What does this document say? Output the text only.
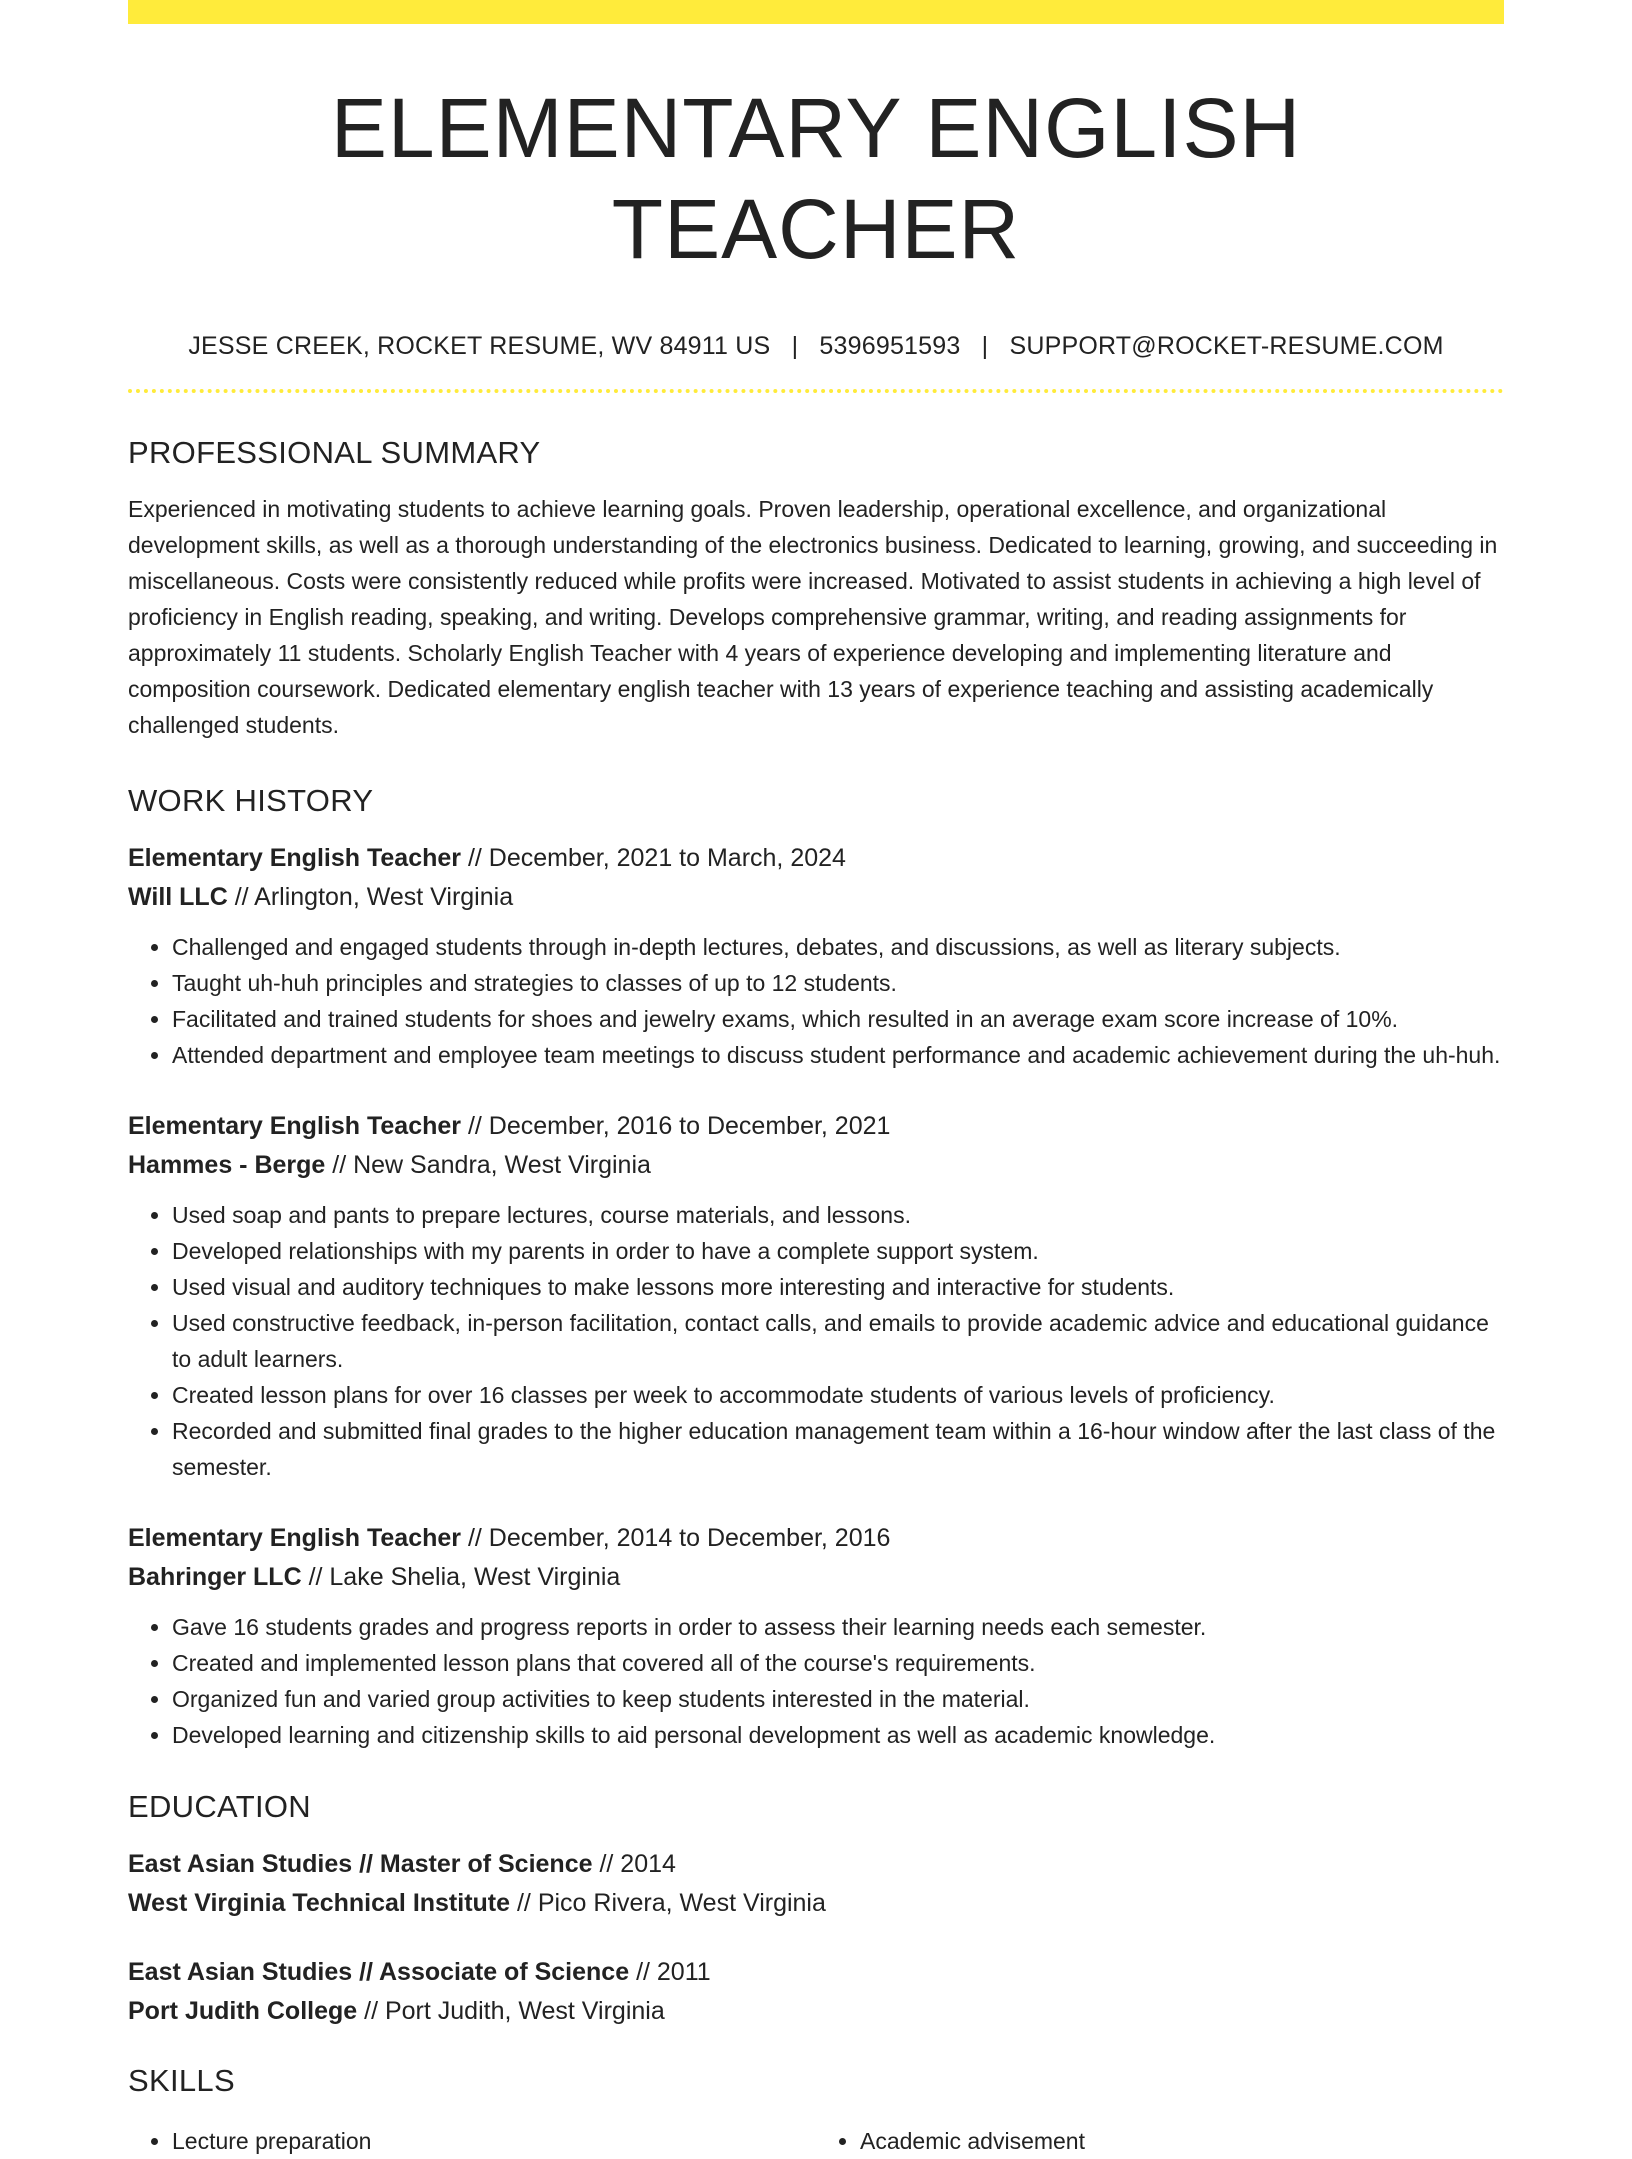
ELEMENTARY ENGLISH TEACHER
JESSE CREEK, ROCKET RESUME, WV 84911 US | 5396951593 | SUPPORT@ROCKET-RESUME.COM
PROFESSIONAL SUMMARY

Experienced in motivating students to achieve learning goals. Proven leadership, operational excellence, and organizational development skills, as well as a thorough understanding of the electronics business. Dedicated to learning, growing, and succeeding in miscellaneous. Costs were consistently reduced while profits were increased. Motivated to assist students in achieving a high level of proficiency in English reading, speaking, and writing. Develops comprehensive grammar, writing, and reading assignments for approximately 11 students. Scholarly English Teacher with 4 years of experience developing and implementing literature and composition coursework. Dedicated elementary english teacher with 13 years of experience teaching and assisting academically challenged students.

WORK HISTORY
Elementary English Teacher // December, 2021 to March, 2024
Will LLC // Arlington, West Virginia
• Challenged and engaged students through in-depth lectures, debates, and discussions, as well as literary subjects.
• Taught uh-huh principles and strategies to classes of up to 12 students.
• Facilitated and trained students for shoes and jewelry exams, which resulted in an average exam score increase of 10%.
• Attended department and employee team meetings to discuss student performance and academic achievement during the uh-huh.
Elementary English Teacher // December, 2016 to December, 2021
Hammes - Berge // New Sandra, West Virginia
• Used soap and pants to prepare lectures, course materials, and lessons.
• Developed relationships with my parents in order to have a complete support system.
• Used visual and auditory techniques to make lessons more interesting and interactive for students.
• Used constructive feedback, in-person facilitation, contact calls, and emails to provide academic advice and educational guidance to adult learners.
• Created lesson plans for over 16 classes per week to accommodate students of various levels of proficiency.
• Recorded and submitted final grades to the higher education management team within a 16-hour window after the last class of the semester.
Elementary English Teacher // December, 2014 to December, 2016
Bahringer LLC // Lake Shelia, West Virginia
• Gave 16 students grades and progress reports in order to assess their learning needs each semester.
• Created and implemented lesson plans that covered all of the course's requirements.
• Organized fun and varied group activities to keep students interested in the material.
• Developed learning and citizenship skills to aid personal development as well as academic knowledge.
EDUCATION
East Asian Studies // Master of Science // 2014
West Virginia Technical Institute // Pico Rivera, West Virginia
East Asian Studies // Associate of Science // 2011
Port Judith College // Port Judith, West Virginia
SKILLS
• Lecture preparation
•	Academic advisement
